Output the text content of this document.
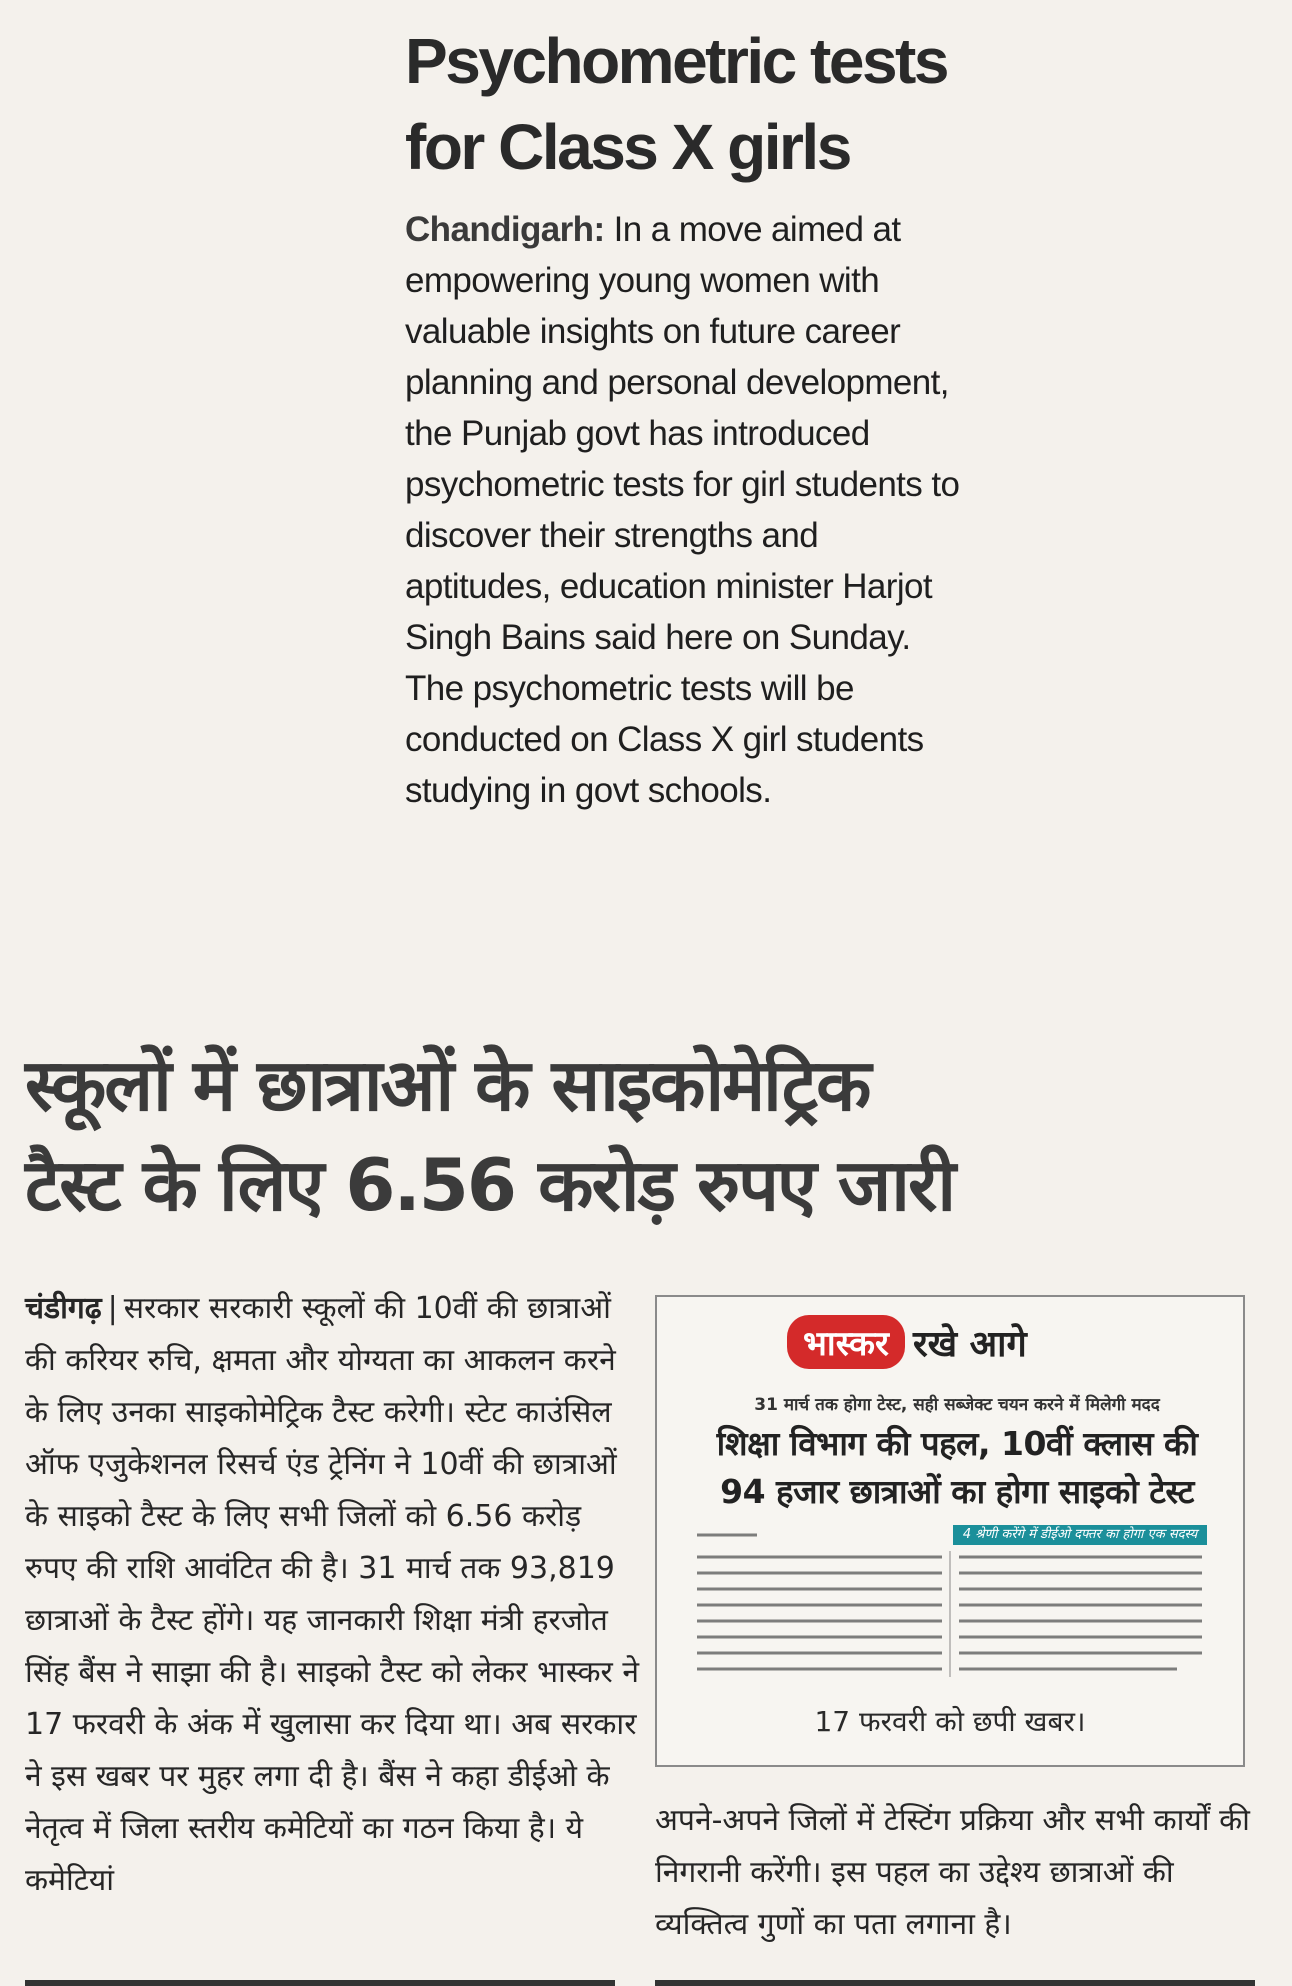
Psychometric tests
for Class X girls

Chandigarh: In a move aimed at empowering young women with valuable insights on future career planning and personal development, the Punjab govt has introduced psychometric tests for girl students to discover their strengths and aptitudes, education minister Harjot Singh Bains said here on Sunday. The psychometric tests will be conducted on Class X girl students studying in govt schools.

स्कूलों में छात्राओं के साइकोमेट्रिक
टैस्ट के लिए 6.56 करोड़ रुपए जारी
चंडीगढ़ | सरकार सरकारी स्कूलों की 10वीं की छात्राओं की करियर रुचि, क्षमता और योग्यता का आकलन करने के लिए उनका साइकोमेट्रिक टैस्ट करेगी। स्टेट काउंसिल ऑफ एजुकेशनल रिसर्च एंड ट्रेनिंग ने 10वीं की छात्राओं के साइको टैस्ट के लिए सभी जिलों को 6.56 करोड़ रुपए की राशि आवंटित की है। 31 मार्च तक 93,819 छात्राओं के टैस्ट होंगे। यह जानकारी शिक्षा मंत्री हरजोत सिंह बैंस ने साझा की है। साइको टैस्ट को लेकर भास्कर ने 17 फरवरी के अंक में खुलासा कर दिया था। अब सरकार ने इस खबर पर मुहर लगा दी है। बैंस ने कहा डीईओ के नेतृत्व में जिला स्तरीय कमेटियों का गठन किया है। ये कमेटियां
भास्कर रखे आगे
31 मार्च तक होगा टेस्ट, सही सब्जेक्ट चयन करने में मिलेगी मदद
शिक्षा विभाग की पहल, 10वीं क्लास की 94 हजार छात्राओं का होगा साइको टेस्ट
4 श्रेणी करेंगे में डीईओ दफ्तर का होगा एक सदस्य
17 फरवरी को छपी खबर।
अपने-अपने जिलों में टेस्टिंग प्रक्रिया और सभी कार्यों की निगरानी करेंगी। इस पहल का उद्देश्य छात्राओं की व्यक्तित्व गुणों का पता लगाना है।
